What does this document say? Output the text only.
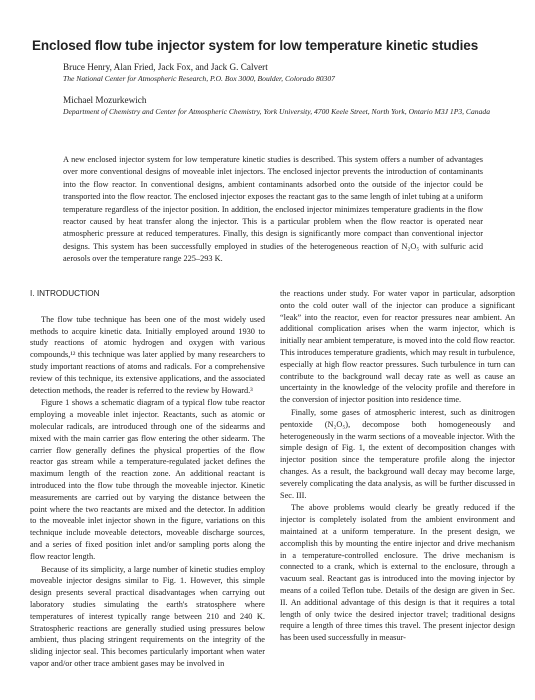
Enclosed flow tube injector system for low temperature kinetic studies

Bruce Henry, Alan Fried, Jack Fox, and Jack G. Calvert

The National Center for Atmospheric Research, P.O. Box 3000, Boulder, Colorado 80307

Michael Mozurkewich

Department of Chemistry and Center for Atmospheric Chemistry, York University, 4700 Keele Street, North York, Ontario M3J 1P3, Canada

A new enclosed injector system for low temperature kinetic studies is described. This system offers a number of advantages over more conventional designs of moveable inlet injectors. The enclosed injector prevents the introduction of contaminants into the flow reactor. In conventional designs, ambient contaminants adsorbed onto the outside of the injector could be transported into the flow reactor. The enclosed injector exposes the reactant gas to the same length of inlet tubing at a uniform temperature regardless of the injector position. In addition, the enclosed injector minimizes temperature gradients in the flow reactor caused by heat transfer along the injector. This is a particular problem when the flow reactor is operated near atmospheric pressure at reduced temperatures. Finally, this design is significantly more compact than conventional injector designs. This system has been successfully employed in studies of the heterogeneous reaction of N₂O₅ with sulfuric acid aerosols over the temperature range 225–293 K.

I. INTRODUCTION

The flow tube technique has been one of the most widely used methods to acquire kinetic data. Initially employed around 1930 to study reactions of atomic hydrogen and oxygen with various compounds,¹² this technique was later applied by many researchers to study important reactions of atoms and radicals. For a comprehensive review of this technique, its extensive applications, and the associated detection methods, the reader is referred to the review by Howard.³

Figure 1 shows a schematic diagram of a typical flow tube reactor employing a moveable inlet injector. Reactants, such as atomic or molecular radicals, are introduced through one of the sidearms and mixed with the main carrier gas flow entering the other sidearm. The carrier flow generally defines the physical properties of the flow reactor gas stream while a temperature-regulated jacket defines the maximum length of the reaction zone. An additional reactant is introduced into the flow tube through the moveable injector. Kinetic measurements are carried out by varying the distance between the point where the two reactants are mixed and the detector. In addition to the moveable inlet injector shown in the figure, variations on this technique include moveable detectors, moveable discharge sources, and a series of fixed position inlet and/or sampling ports along the flow reactor length.

Because of its simplicity, a large number of kinetic studies employ moveable injector designs similar to Fig. 1. However, this simple design presents several practical disadvantages when carrying out laboratory studies simulating the earth's stratosphere where temperatures of interest typically range between 210 and 240 K. Stratospheric reactions are generally studied using pressures below ambient, thus placing stringent requirements on the integrity of the sliding injector seal. This becomes particularly important when water vapor and/or other trace ambient gases may be involved in

the reactions under study. For water vapor in particular, adsorption onto the cold outer wall of the injector can produce a significant “leak” into the reactor, even for reactor pressures near ambient. An additional complication arises when the warm injector, which is initially near ambient temperature, is moved into the cold flow reactor. This introduces temperature gradients, which may result in turbulence, especially at high flow reactor pressures. Such turbulence in turn can contribute to the background wall decay rate as well as cause an uncertainty in the knowledge of the velocity profile and therefore in the conversion of injector position into residence time.

Finally, some gases of atmospheric interest, such as dinitrogen pentoxide (N₂O₅), decompose both homogeneously and heterogeneously in the warm sections of a moveable injector. With the simple design of Fig. 1, the extent of decomposition changes with injector position since the temperature profile along the injector changes. As a result, the background wall decay may become large, severely complicating the data analysis, as will be further discussed in Sec. III.

The above problems would clearly be greatly reduced if the injector is completely isolated from the ambient environment and maintained at a uniform temperature. In the present design, we accomplish this by mounting the entire injector and drive mechanism in a temperature-controlled enclosure. The drive mechanism is connected to a crank, which is external to the enclosure, through a vacuum seal. Reactant gas is introduced into the moving injector by means of a coiled Teflon tube. Details of the design are given in Sec. II. An additional advantage of this design is that it requires a total length of only twice the desired injector travel; traditional designs require a length of three times this travel. The present injector design has been used successfully in measur-
